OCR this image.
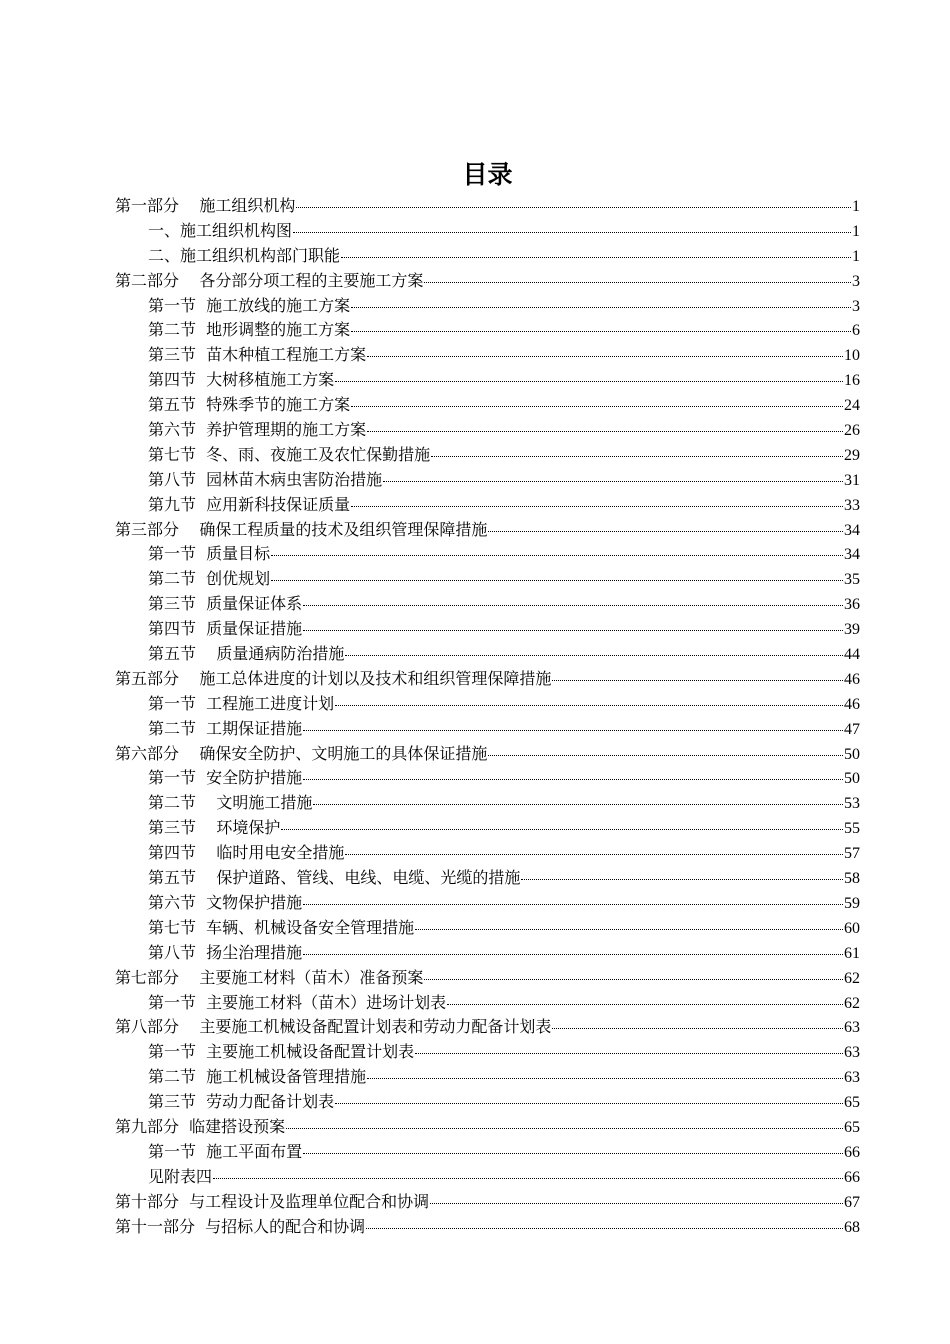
目录
第一部分    施工组织机构	1
一、施工组织机构图	1
二、施工组织机构部门职能	1
第二部分    各分部分项工程的主要施工方案	3
第一节  施工放线的施工方案	3
第二节  地形调整的施工方案	6
第三节  苗木种植工程施工方案	10
第四节  大树移植施工方案	16
第五节  特殊季节的施工方案	24
第六节  养护管理期的施工方案	26
第七节  冬、雨、夜施工及农忙保勤措施	29
第八节  园林苗木病虫害防治措施	31
第九节  应用新科技保证质量	33
第三部分    确保工程质量的技术及组织管理保障措施	34
第一节  质量目标	34
第二节  创优规划	35
第三节  质量保证体系	36
第四节  质量保证措施	39
第五节    质量通病防治措施	44
第五部分    施工总体进度的计划以及技术和组织管理保障措施	46
第一节  工程施工进度计划	46
第二节  工期保证措施	47
第六部分    确保安全防护、文明施工的具体保证措施	50
第一节  安全防护措施	50
第二节    文明施工措施	53
第三节    环境保护	55
第四节    临时用电安全措施	57
第五节    保护道路、管线、电线、电缆、光缆的措施	58
第六节  文物保护措施	59
第七节  车辆、机械设备安全管理措施	60
第八节  扬尘治理措施	61
第七部分    主要施工材料（苗木）准备预案	62
第一节  主要施工材料（苗木）进场计划表	62
第八部分    主要施工机械设备配置计划表和劳动力配备计划表	63
第一节  主要施工机械设备配置计划表	63
第二节  施工机械设备管理措施	63
第三节  劳动力配备计划表	65
第九部分  临建搭设预案	65
第一节  施工平面布置	66
见附表四	66
第十部分  与工程设计及监理单位配合和协调	67
第十一部分  与招标人的配合和协调	68
